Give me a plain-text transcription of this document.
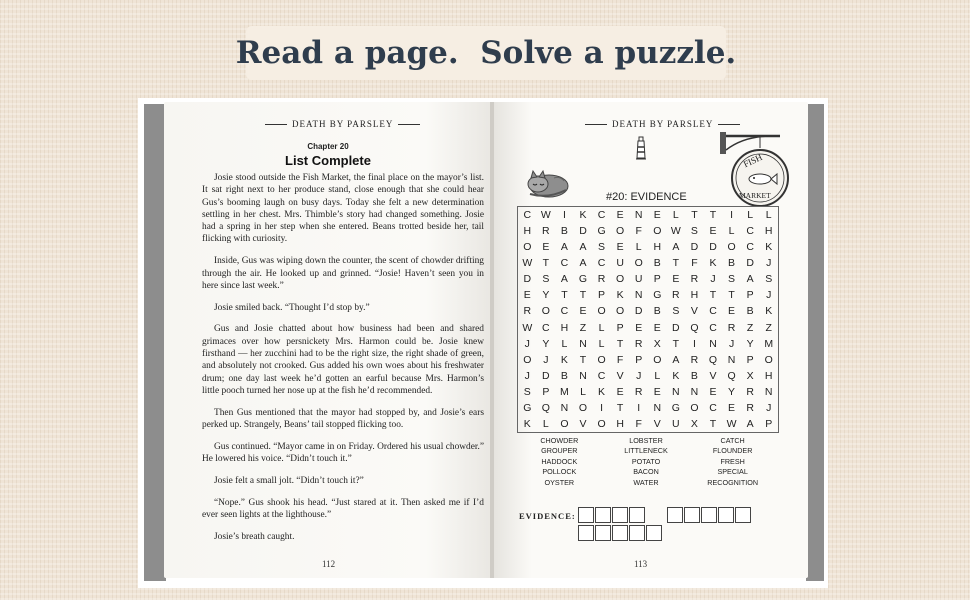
Read a page.  Solve a puzzle.
DEATH BY PARSLEY
Chapter 20
List Complete

Josie stood outside the Fish Market, the final place on the mayor’s list. It sat right next to her produce stand, close enough that she could hear Gus’s booming laugh on busy days. Today she felt a new determination settling in her chest. Mrs. Thimble’s story had changed something. Josie had a spring in her step when she entered. Beans trotted beside her, tail flicking with curiosity.

Inside, Gus was wiping down the counter, the scent of chowder drifting through the air. He looked up and grinned. “Josie! Haven’t seen you in here since last week.”

Josie smiled back. “Thought I’d stop by.”

Gus and Josie chatted about how business had been and shared grimaces over how persnickety Mrs. Harmon could be. Josie knew firsthand — her zucchini had to be the right size, the right shade of green, and absolutely not crooked. Gus added his own woes about his freshwater drum; one day last week he’d gotten an earful because Mrs. Harmon’s little pooch turned her nose up at the fish he’d recommended.

Then Gus mentioned that the mayor had stopped by, and Josie’s ears perked up. Strangely, Beans’ tail stopped flicking too.

Gus continued. “Mayor came in on Friday. Ordered his usual chowder.” He lowered his voice. “Didn’t touch it.”

Josie felt a small jolt. “Didn’t touch it?”

“Nope.” Gus shook his head. “Just stared at it. Then asked me if I’d ever seen lights at the lighthouse.”

Josie’s breath caught.

112
DEATH BY PARSLEY
FISH
MARKET
#20: EVIDENCE
C W	I	K	C	E	N	E	L	T	T	I	L	L
H	R	B	D	G O	F	O W S	E	L	C	H
O	E	A	A	S	E	L	H	A	D	D	O	C	K
W T	C	A	C	U	O	B	T	F	K	B	D	J
D	S	A	G	R	O	U	P	E	R	J	S	A	S
E	Y	T	T	P	K	N	G	R	H	T	T	P	J
R	O	C	E	O O	D	B	S	V	C	E	B	K
W C	H	Z	L	P	E	E	D	Q	C	R	Z	Z
J	Y	L	N	L	T	R	X	T	I	N	J	Y	M
O	J	K	T	O	F	P	O	A	R	Q	N	P	O
J	D	B	N	C	V	J	L	K	B	V	Q	X	H
S	P	M	L	K	E	R	E	N	N	E	Y	R	N
G Q	N	O	I	T	I	N	G O	C	E	R	J
K	L	O	V	O	H	F	V	U	X	T W A	P
CHOWDER
GROUPER
HADDOCK
POLLOCK
OYSTER
LOBSTER
LITTLENECK
POTATO
BACON
WATER
CATCH
FLOUNDER
FRESH
SPECIAL
RECOGNITION
EVIDENCE:
113
